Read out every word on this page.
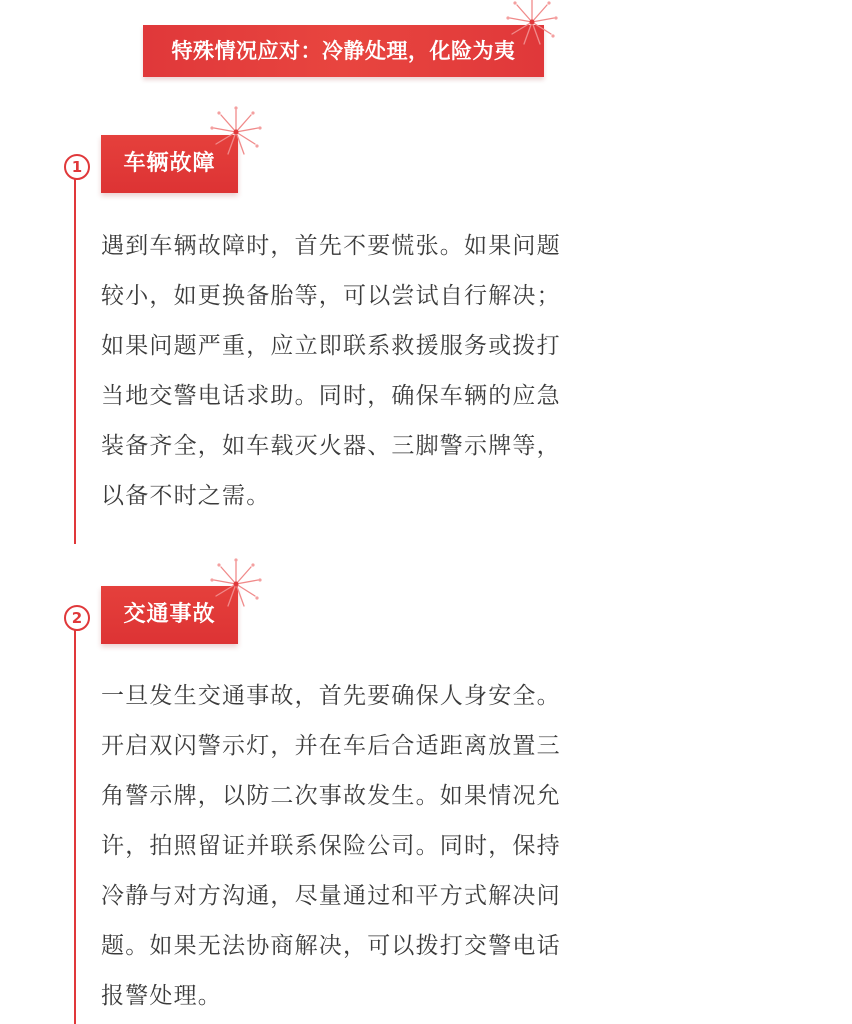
特殊情况应对：冷静处理，化险为夷
1	车辆故障

遇到车辆故障时，首先不要慌张。如果问题较小，如更换备胎等，可以尝试自行解决；如果问题严重，应立即联系救援服务或拨打当地交警电话求助。同时，确保车辆的应急装备齐全，如车载灭火器、三脚警示牌等，以备不时之需。

2	交通事故

一旦发生交通事故，首先要确保人身安全。开启双闪警示灯，并在车后合适距离放置三角警示牌，以防二次事故发生。如果情况允许，拍照留证并联系保险公司。同时，保持冷静与对方沟通，尽量通过和平方式解决问题。如果无法协商解决，可以拨打交警电话报警处理。
